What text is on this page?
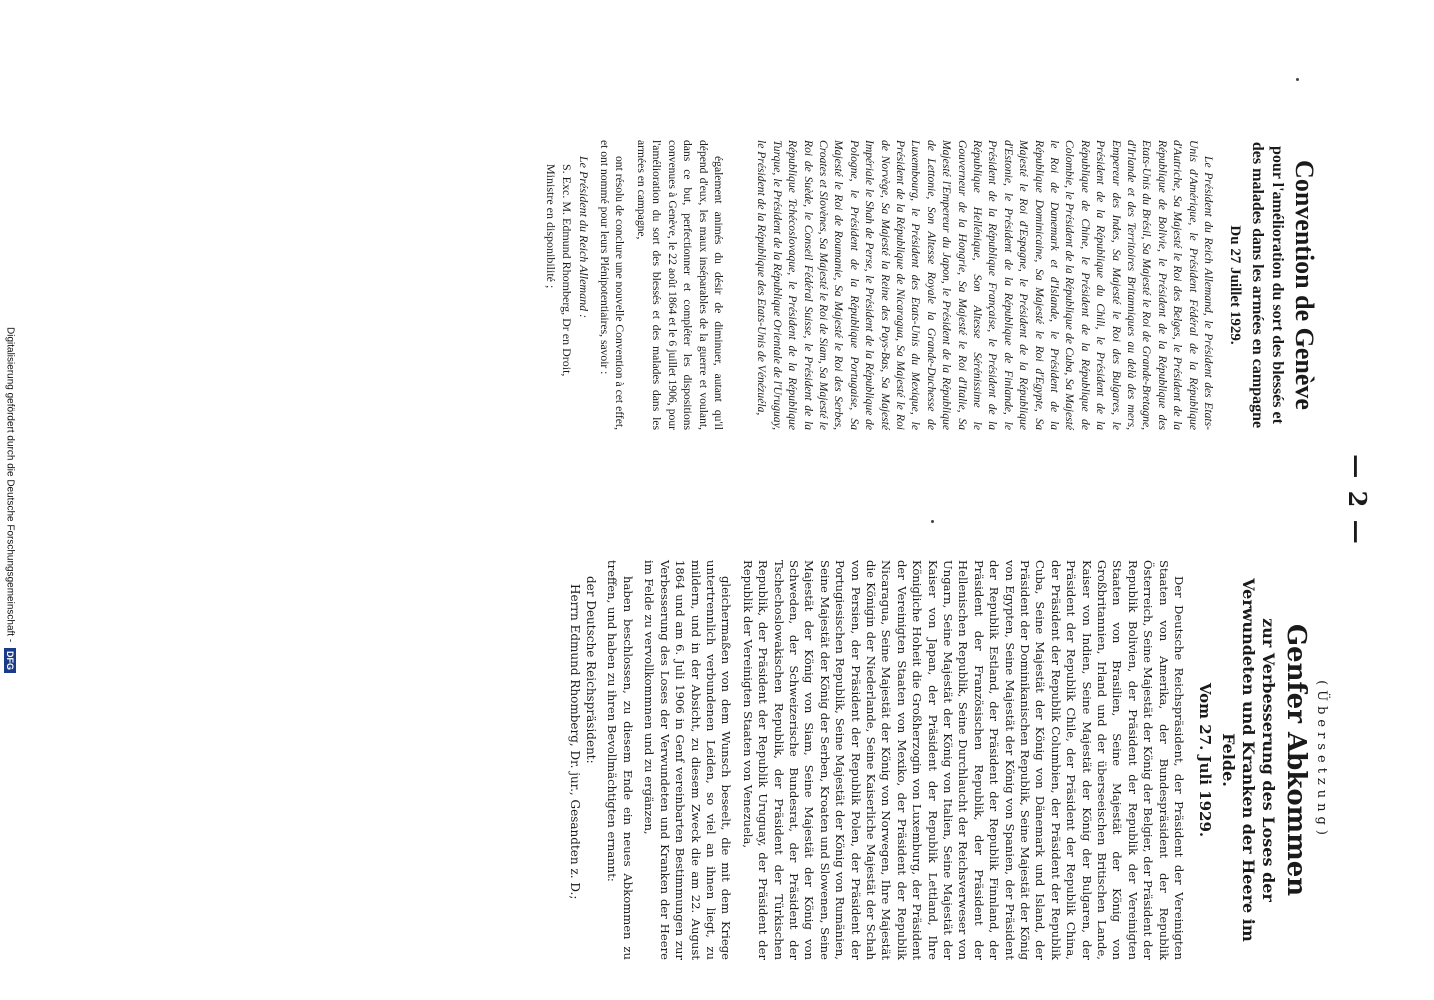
— 2 —
(Übersetzung)
Genfer Abkommen
zur Verbesserung des Loses der Verwundeten und Kranken der Heere im Felde.
Vom 27. Juli 1929.

Der Deutsche Reichspräsident, der Präsident der Vereinigten Staaten von Amerika, der Bundespräsident der Republik Österreich, Seine Majestät der König der Belgier, der Präsident der Republik Bolivien, der Präsident der Republik der Vereinigten Staaten von Brasilien, Seine Majestät der König von Großbritannien, Irland und der überseeischen Britischen Lande, Kaiser von Indien, Seine Majestät der König der Bulgaren, der Präsident der Republik Chile, der Präsident der Republik China, der Präsident der Republik Columbien, der Präsident der Republik Cuba, Seine Majestät der König von Dänemark und Island, der Präsident der Dominikanischen Republik, Seine Majestät der König von Egypten, Seine Majestät der König von Spanien, der Präsident der Republik Estland, der Präsident der Republik Finnland, der Präsident der Französischen Republik, der Präsident der Hellenischen Republik, Seine Durchlaucht der Reichsverweser von Ungarn, Seine Majestät der König von Italien, Seine Majestät der Kaiser von Japan, der Präsident der Republik Lettland, Ihre Königliche Hoheit die Großherzogin von Luxemburg, der Präsident der Vereinigten Staaten von Mexiko, der Präsident der Republik Nicaragua, Seine Majestät der König von Norwegen, Ihre Majestät die Königin der Niederlande, Seine Kaiserliche Majestät der Schah von Persien, der Präsident der Republik Polen, der Präsident der Portugiesischen Republik, Seine Majestät der König von Rumänien, Seine Majestät der König der Serben, Kroaten und Slowenen, Seine Majestät der König von Siam, Seine Majestät der König von Schweden, der Schweizerische Bundesrat, der Präsident der Tschechoslowakischen Republik, der Präsident der Türkischen Republik, der Präsident der Republik Uruguay, der Präsident der Republik der Vereinigten Staaten von Venezuela,

gleichermaßen von dem Wunsch beseelt, die mit dem Kriege untertrennlich verbundenen Leiden, so viel an ihnen liegt, zu mildern, und in der Absicht, zu diesem Zweck die am 22. August 1864 und am 6. Juli 1906 in Genf vereinbarten Bestimmungen zur Verbesserung des Loses der Verwundeten und Kranken der Heere im Felde zu vervollkommnen und zu ergänzen,

haben beschlossen, zu diesem Ende ein neues Abkommen zu treffen, und haben zu ihren Bevollmächtigten ernannt:

der Deutsche Reichspräsident:

Herrn Edmund Rhomberg, Dr. jur., Gesandten z. D.;

Convention de Genève
pour l'amélioration du sort des blessés et des malades dans les armées en campagne
Du 27 Juillet 1929.

Le Président du Reich Allemand, le Président des Etats-Unis d'Amérique, le Président Fédéral de la République d'Autriche, Sa Majesté le Roi des Belges, le Président de la République de Bolivie, le Président de la République des Etats-Unis du Brésil, Sa Majesté le Roi de Grande-Bretagne, d'Irlande et des Territoires Britanniques au delà des mers, Empereur des Indes, Sa Majesté le Roi des Bulgares, le Président de la République du Chili, le Président de la République de Chine, le Président de la République de Colombie, le Président de la République de Cuba, Sa Majesté le Roi de Danemark et d'Islande, le Président de la République Dominicaine, Sa Majesté le Roi d'Egypte, Sa Majesté le Roi d'Espagne, le Président de la République d'Estonie, le Président de la République de Finlande, le Président de la République Française, le Président de la République Hellénique, Son Altesse Sérénissime le Gouverneur de la Hongrie, Sa Majesté le Roi d'Italie, Sa Majesté l'Empereur du Japon, le Président de la République de Lettonie, Son Altesse Royale la Grande-Duchesse de Luxembourg, le Président des Etats-Unis du Mexique, le Président de la République de Nicaragua, Sa Majesté le Roi de Norvège, Sa Majesté la Reine des Pays-Bas, Sa Majesté Impériale le Shah de Perse, le Président de la République de Pologne, le Président de la République Portugaise, Sa Majesté le Roi de Roumanie, Sa Majesté le Roi des Serbes, Croates et Slovènes, Sa Majesté le Roi de Siam, Sa Majesté le Roi de Suède, le Conseil Fédéral Suisse, le Président de la République Tchécoslovaque, le Président de la République Turque, le Président de la République Orientale de l'Uruguay, le Président de la République des Etats-Unis de Vénézuéla,

également animés du désir de diminuer, autant qu'il dépend d'eux, les maux inséparables de la guerre et voulant, dans ce but, perfectionner et compléter les dispositions convenues à Genève, le 22 août 1864 et le 6 juillet 1906, pour l'amélioration du sort des blessés et des malades dans les armées en campagne,

ont résolu de conclure une nouvelle Convention à cet effet, et ont nommé pour leurs Plénipotentiaires, savoir :

Le Président du Reich Allemand :

S. Exc. M. Edmund Rhomberg, Dr en Droit,

Ministre en disponibilité ;

Digitalisierung gefördert durch die Deutsche Forschungsgemeinschaft - DFG
